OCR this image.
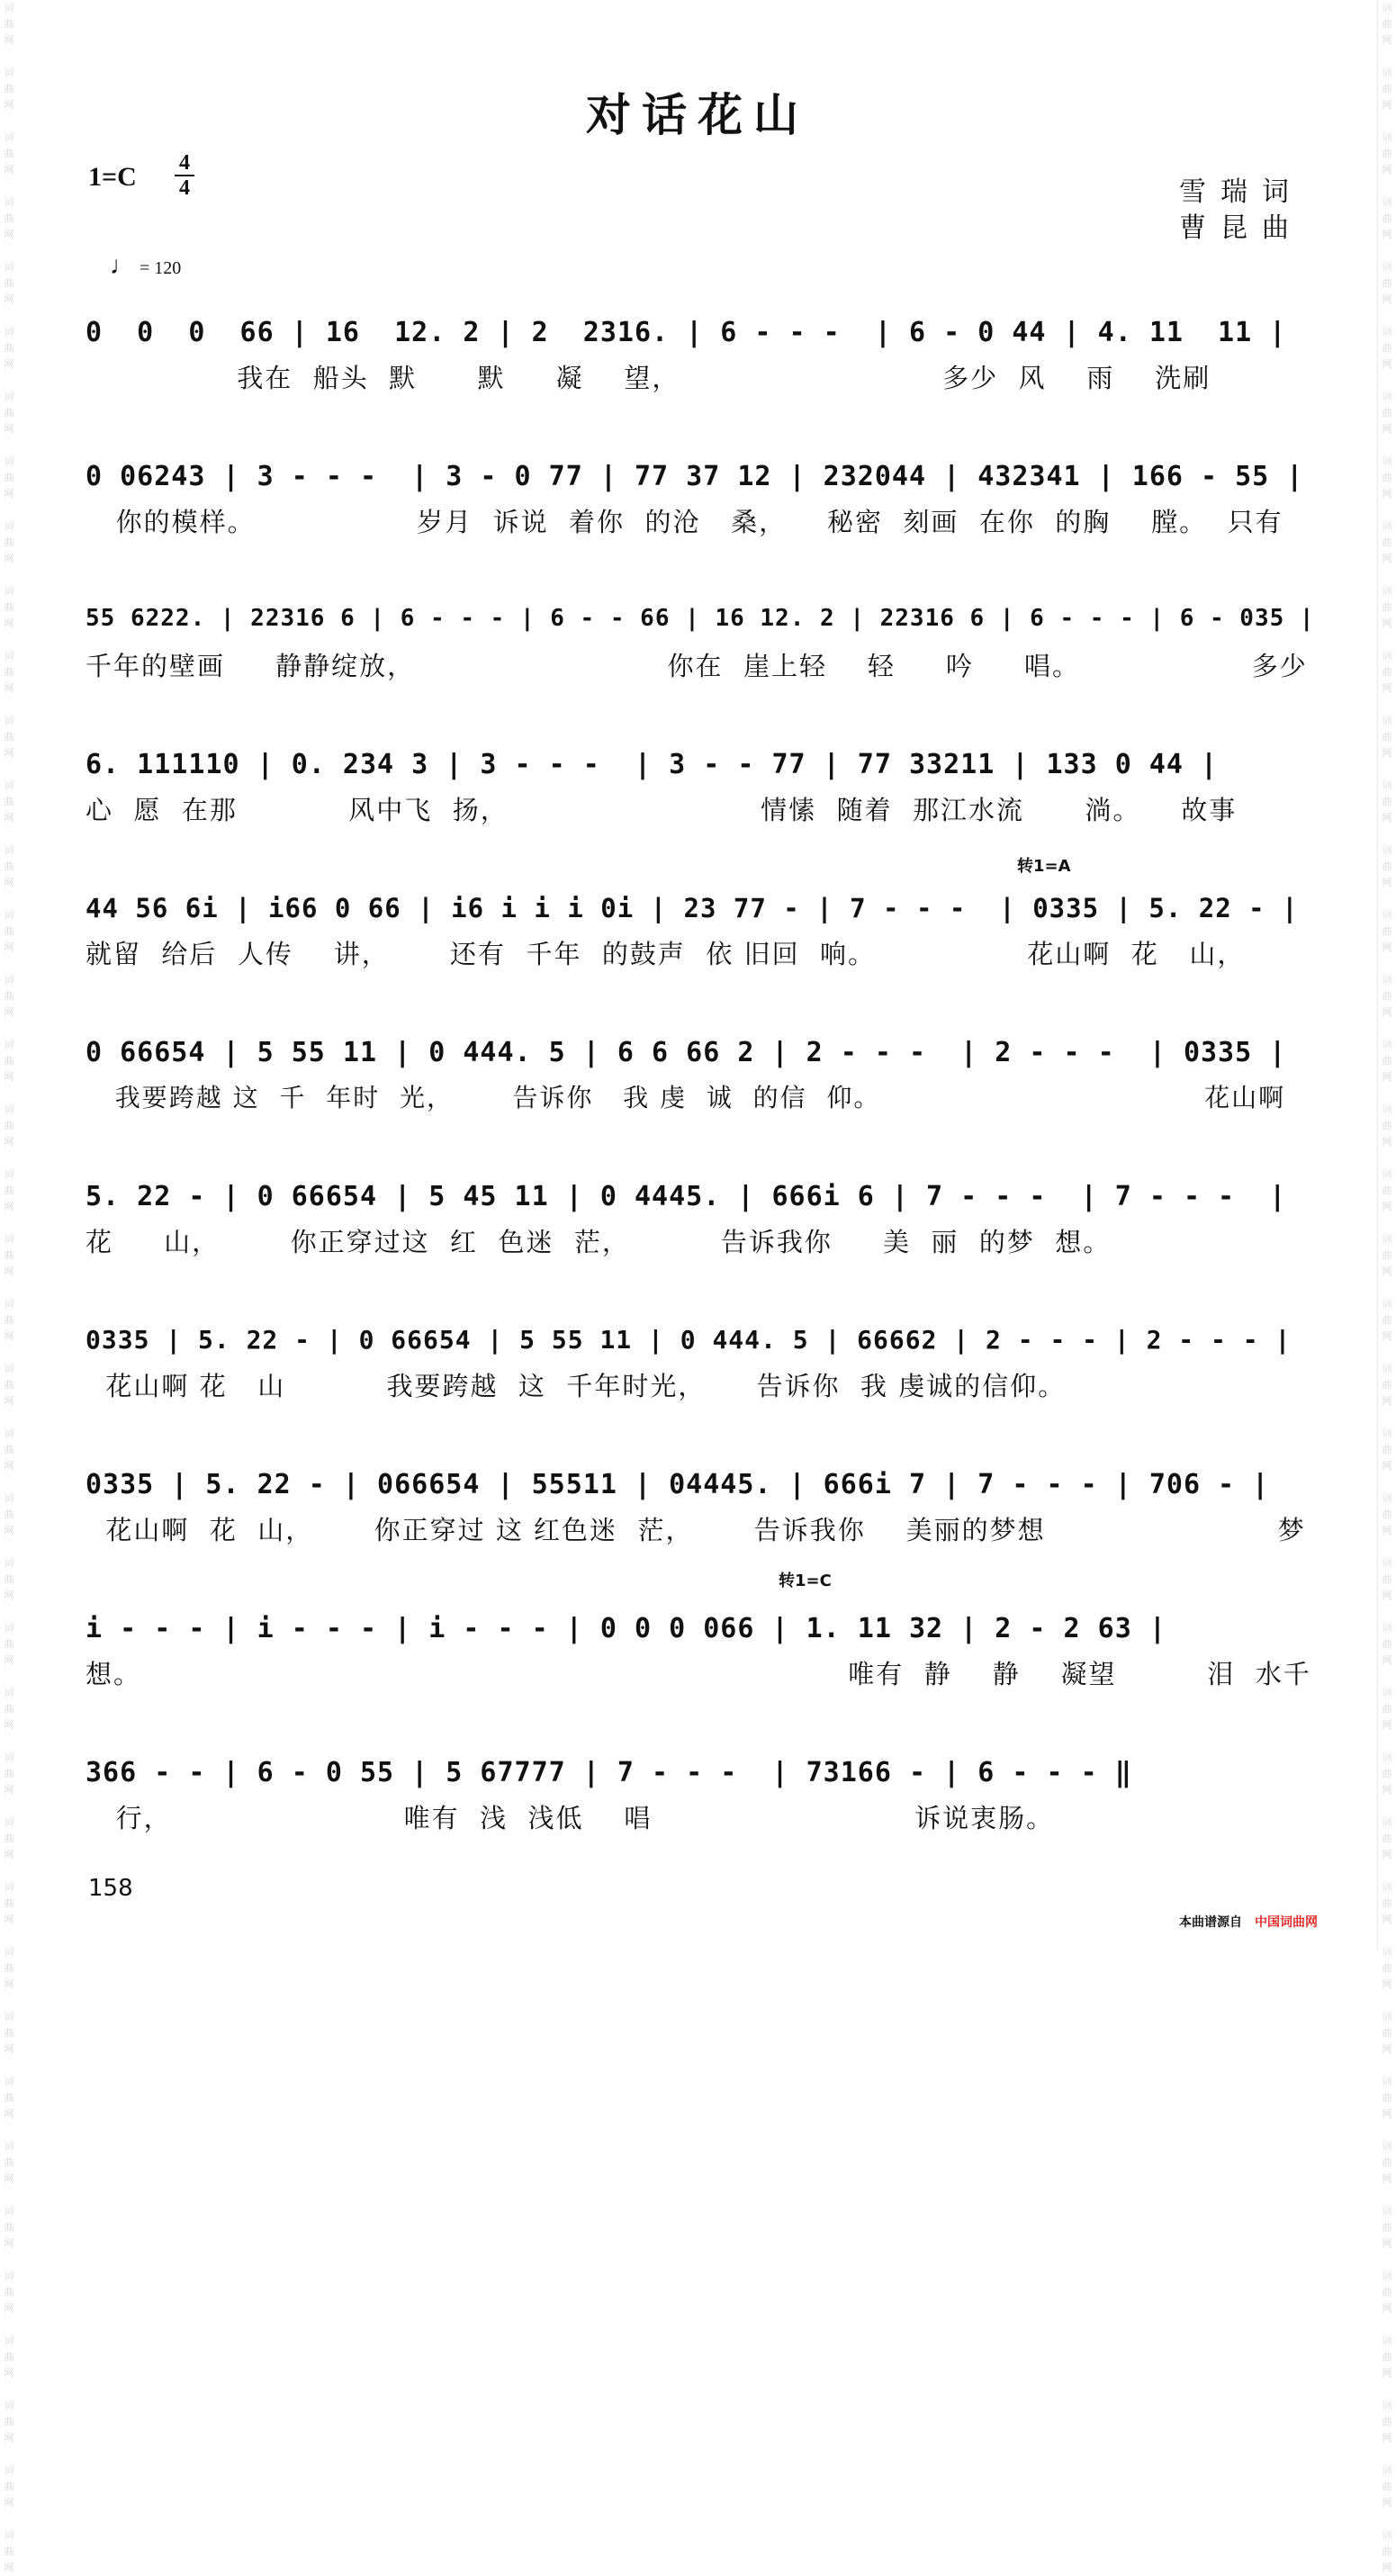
词
曲
网

词
曲
网

词
曲
网

词
曲
网

词
曲
网

词
曲
网

词
曲
网

词
曲
网

词
曲
网

词
曲
网

词
曲
网

词
曲
网

词
曲
网

词
曲
网

词
曲
网

词
曲
网

词
曲
网

词
曲
网

词
曲
网

词
曲
网

词
曲
网

词
曲
网

词
曲
网

词
曲
网

词
曲
网

词
曲
网

词
曲
网

词
曲
网

词
曲
网

词
曲
网

词
曲
网

词
曲
网

词
曲
网

词
曲
网

词
曲
网

词
曲
网

词
曲
网

词
曲
网

词
曲
网

词
曲
网

词
曲
网

词
曲
网

词
曲
网

词
曲
网

词
曲
网

词
曲
网

词
曲
网

词
曲
网

词
曲
网

词
曲
网

词
曲
网

词
曲
网

词
曲
网

词
曲
网

词
曲
网

词
曲
网

词
曲
网

词
曲
网

词
曲
网

词
曲
网

词
曲
网

词
曲
网

词
曲
网

词
曲
网

词
曲
网

词
曲
网

词
曲
网

词
曲
网

词
曲
网

词
曲
网

词
曲
网

词
曲
网

词
曲
网

词
曲
网

词
曲
网

词
曲
网

词
曲
网

词
曲
网

词
曲
网

词
曲
网

对话花山
1=C 4
4	雪瑞词
曹昆曲
♩ = 120
转1=A
转1=C
0  0  0  66 | 16  12. 2 | 2  2316. | 6 - - -  | 6 - 0 44 | 4. 11  11 |
我在  船头  默      默     凝    望，                          多少  风    雨    洗刷
0 06243 | 3 - - -  | 3 - 0 77 | 77 37 12 | 232044 | 432341 | 166 - 55 |
你的模样。                岁月  诉说  着你  的沧   桑，    秘密  刻画  在你  的胸    膛。  只有
55 6222. | 22316 6 | 6 - - - | 6 - - 66 | 16 12. 2 | 22316 6 | 6 - - - | 6 - 035 |
千年的壁画     静静绽放，                         你在  崖上轻    轻     吟     唱。                 多少
6. 111110 | 0. 234 3 | 3 - - -  | 3 - - 77 | 77 33211 | 133 0 44 |
心  愿  在那           风中飞  扬，                         情愫  随着  那江水流      淌。    故事
44 56 6i | i66 0 66 | i6 i i i 0i | 23 77 - | 7 - - -  | 0335 | 5. 22 - |
就留  给后  人传    讲，      还有  千年  的鼓声  依 旧回  响。               花山啊  花   山，
0 66654 | 5 55 11 | 0 444. 5 | 6 6 66 2 | 2 - - -  | 2 - - -  | 0335 |
我要跨越 这  千  年时  光，      告诉你   我 虔  诚  的信  仰。                                 花山啊
5. 22 - | 0 66654 | 5 45 11 | 0 4445. | 666i 6 | 7 - - -  | 7 - - -  |
花     山，       你正穿过这  红  色迷  茫，         告诉我你     美  丽  的梦  想。
0335 | 5. 22 - | 0 66654 | 5 55 11 | 0 444. 5 | 66662 | 2 - - - | 2 - - - |
花山啊 花   山          我要跨越  这  千年时光，     告诉你  我 虔诚的信仰。
0335 | 5. 22 - | 066654 | 55511 | 04445. | 666i 7 | 7 - - - | 706 - |
花山啊  花  山，      你正穿过 这 红色迷  茫，      告诉我你    美丽的梦想                       梦
i - - - | i - - - | i - - - | 0 0 0 066 | 1. 11 32 | 2 - 2 63 |
想。                                                                      唯有  静    静    凝望         泪  水千
366 - - | 6 - 0 55 | 5 67777 | 7 - - -  | 73166 - | 6 - - - ‖
行，                       唯有  浅  浅低    唱                          诉说衷肠。
158
本曲谱源自 中国词曲网
